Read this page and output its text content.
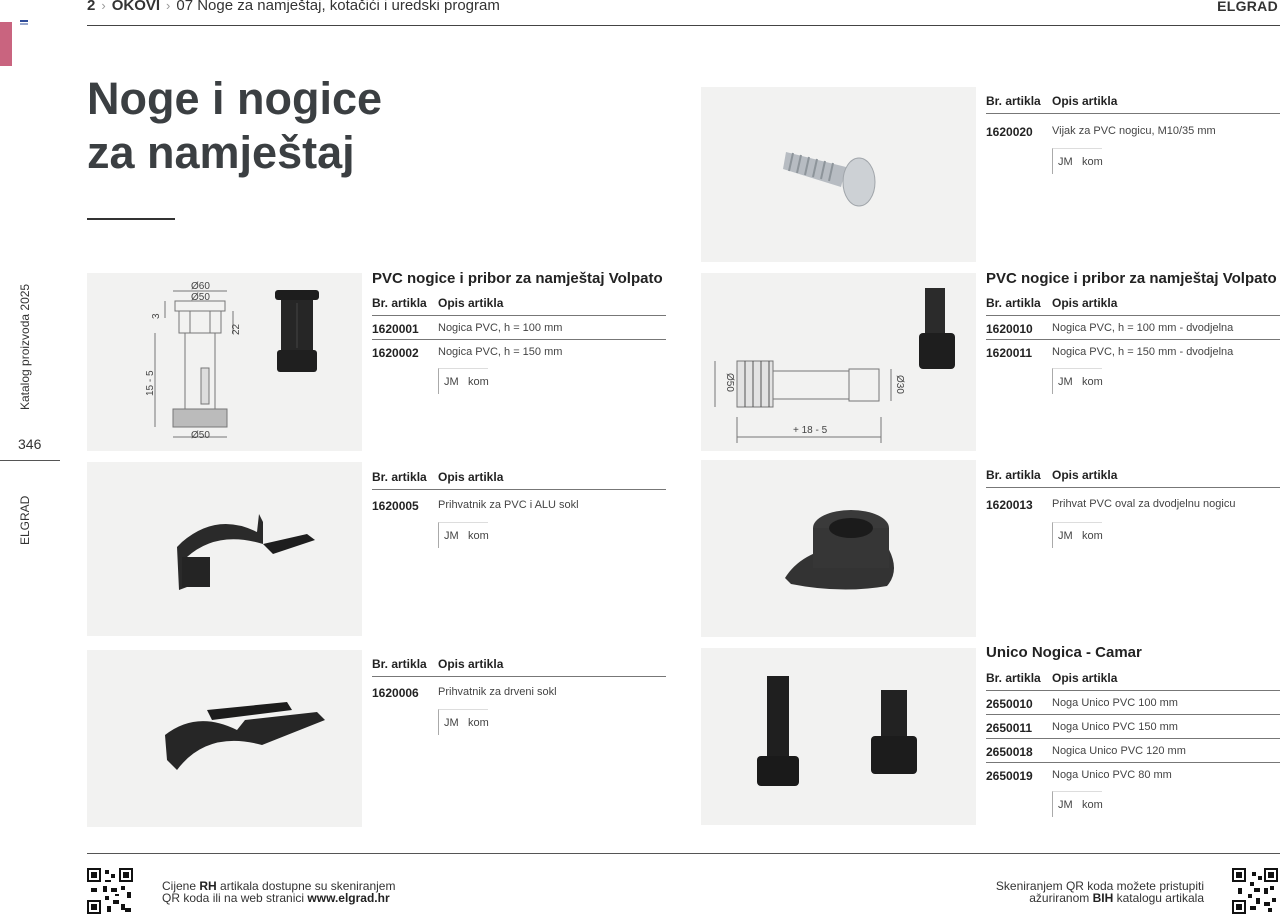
Katalog proizvoda 2025
346
ELGRAD
2 › OKOVI › 07 Noge za namještaj, kotačići i uredski program	ELGRAD
Noge i nogice
za namještaj
Ø60
Ø50
Ø50
15 - 5
3
22
PVC nogice i pribor za namještaj Volpato
Br. artikla Opis artikla
1620001 Nogica PVC, h = 100 mm
1620002 Nogica PVC, h = 150 mm
JM kom
Br. artikla Opis artikla
1620005 Prihvatnik za PVC i ALU sokl
JM kom
Br. artikla Opis artikla
1620006 Prihvatnik za drveni sokl
JM kom
Br. artikla Opis artikla
1620020 Vijak za PVC nogicu, M10/35 mm
JM kom
+ 18 - 5
Ø50	Ø30
PVC nogice i pribor za namještaj Volpato
Br. artikla Opis artikla
1620010 Nogica PVC, h = 100 mm - dvodjelna
1620011 Nogica PVC, h = 150 mm - dvodjelna
JM kom
Br. artikla Opis artikla
1620013 Prihvat PVC oval za dvodjelnu nogicu
JM kom
Unico Nogica - Camar
Br. artikla Opis artikla
2650010 Noga Unico PVC 100 mm
2650011 Noga Unico PVC 150 mm
2650018 Nogica Unico PVC 120 mm
2650019 Noga Unico PVC 80 mm
JM kom
Cijene RH artikala dostupne su skeniranjem
QR koda ili na web stranici www.elgrad.hr
Skeniranjem QR koda možete pristupiti
ažuriranom BIH katalogu artikala
